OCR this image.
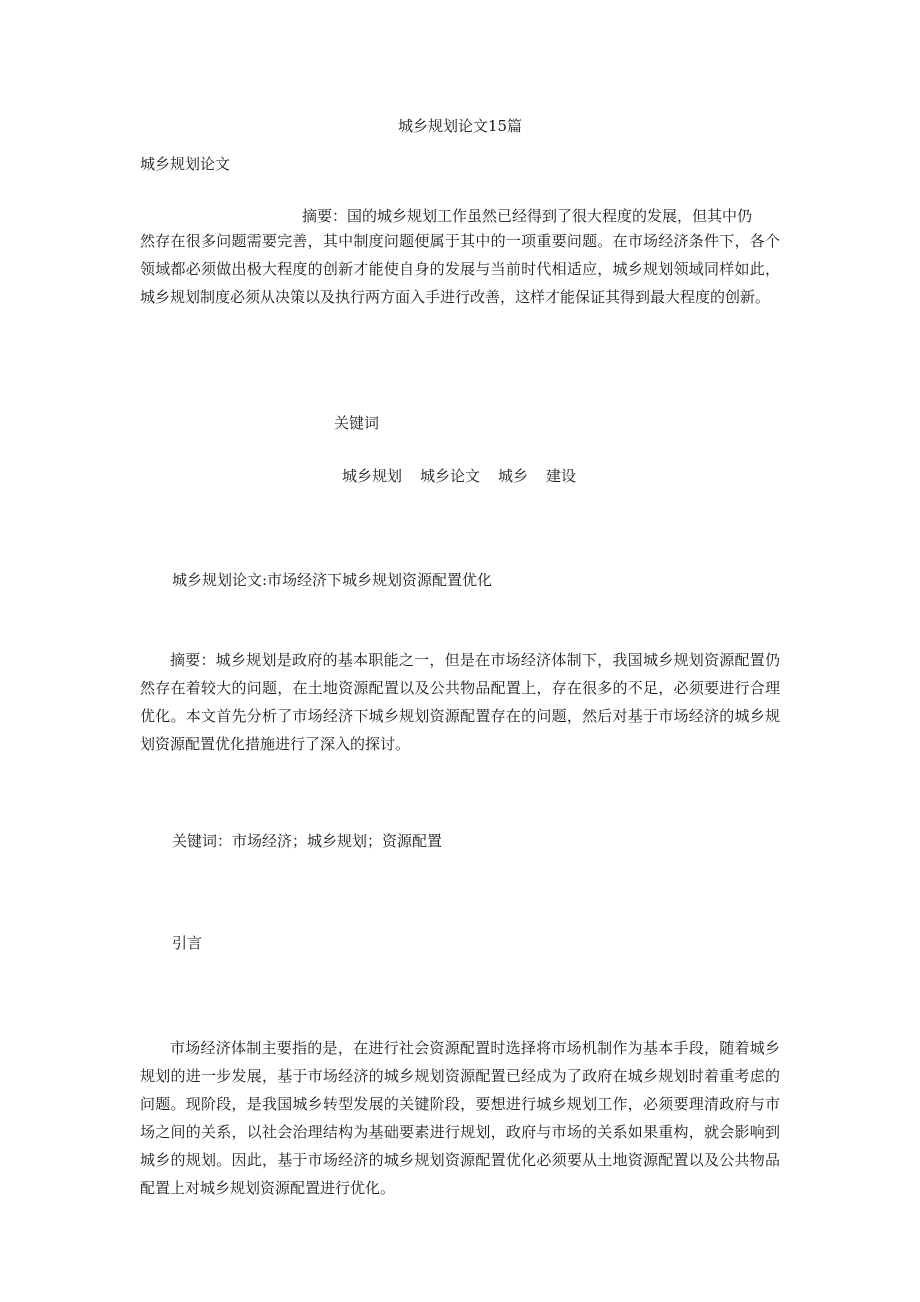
城乡规划论文15篇
城乡规划论文
摘要：国的城乡规划工作虽然已经得到了很大程度的发展，但其中仍
然存在很多问题需要完善，其中制度问题便属于其中的一项重要问题。在市场经济条件下，各个领域都必须做出极大程度的创新才能使自身的发展与当前时代相适应，城乡规划领域同样如此，城乡规划制度必须从决策以及执行两方面入手进行改善，这样才能保证其得到最大程度的创新。
关键词
城乡规划 城乡论文 城乡 建设
城乡规划论文:市场经济下城乡规划资源配置优化
摘要：城乡规划是政府的基本职能之一，但是在市场经济体制下，我国城乡规划资源配置仍然存在着较大的问题，在土地资源配置以及公共物品配置上，存在很多的不足，必须要进行合理优化。本文首先分析了市场经济下城乡规划资源配置存在的问题，然后对基于市场经济的城乡规划资源配置优化措施进行了深入的探讨。
关键词：市场经济；城乡规划；资源配置
引言
市场经济体制主要指的是，在进行社会资源配置时选择将市场机制作为基本手段，随着城乡规划的进一步发展，基于市场经济的城乡规划资源配置已经成为了政府在城乡规划时着重考虑的问题。现阶段，是我国城乡转型发展的关键阶段，要想进行城乡规划工作，必须要理清政府与市场之间的关系，以社会治理结构为基础要素进行规划，政府与市场的关系如果重构，就会影响到城乡的规划。因此，基于市场经济的城乡规划资源配置优化必须要从土地资源配置以及公共物品配置上对城乡规划资源配置进行优化。
